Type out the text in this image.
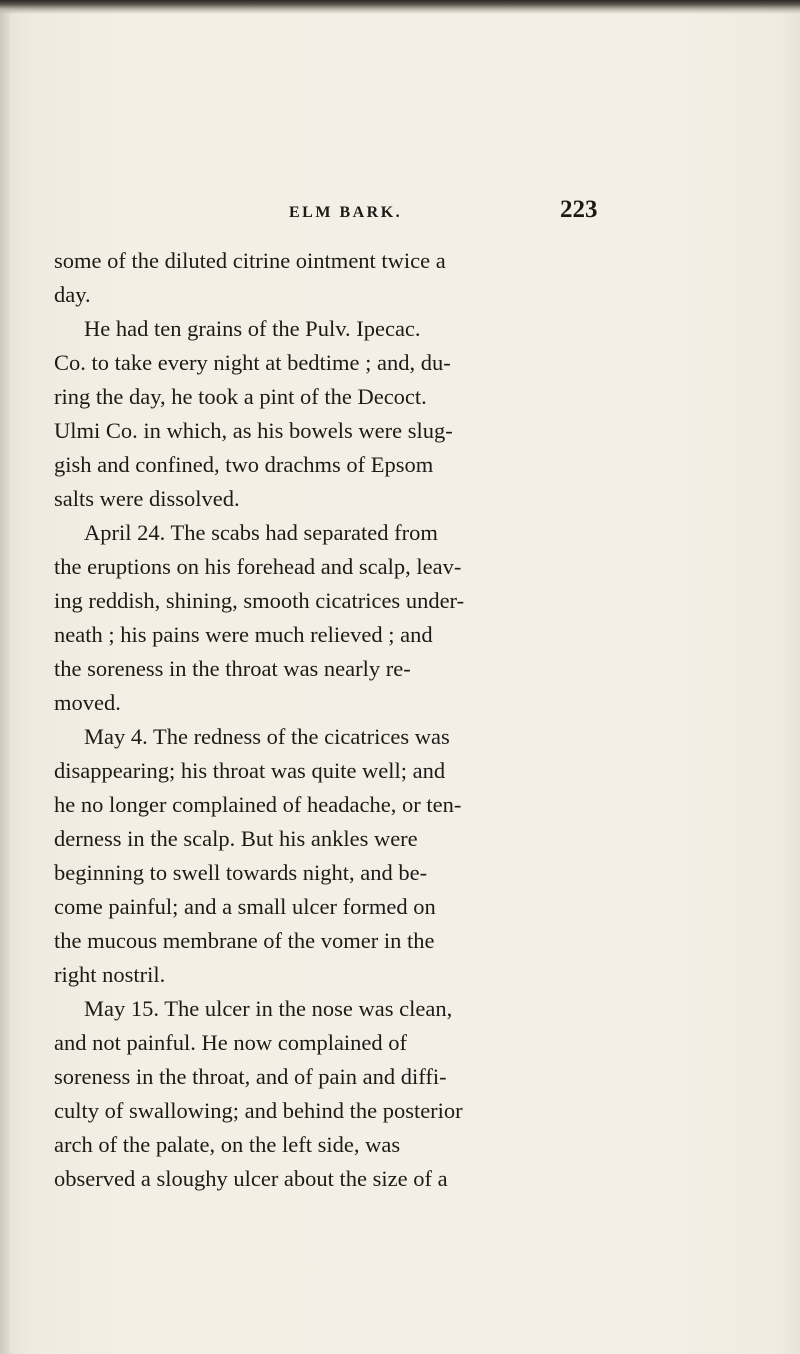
ELM BARK.	223
some of the diluted citrine ointment twice a
day.
He had ten grains of the Pulv. Ipecac.
Co. to take every night at bedtime ; and, du-
ring the day, he took a pint of the Decoct.
Ulmi Co. in which, as his bowels were slug-
gish and confined, two drachms of Epsom
salts were dissolved.
April 24. The scabs had separated from
the eruptions on his forehead and scalp, leav-
ing reddish, shining, smooth cicatrices under-
neath ; his pains were much relieved ; and
the soreness in the throat was nearly re-
moved.
May 4. The redness of the cicatrices was
disappearing; his throat was quite well; and
he no longer complained of headache, or ten-
derness in the scalp. But his ankles were
beginning to swell towards night, and be-
come painful; and a small ulcer formed on
the mucous membrane of the vomer in the
right nostril.
May 15. The ulcer in the nose was clean,
and not painful. He now complained of
soreness in the throat, and of pain and diffi-
culty of swallowing; and behind the posterior
arch of the palate, on the left side, was
observed a sloughy ulcer about the size of a
